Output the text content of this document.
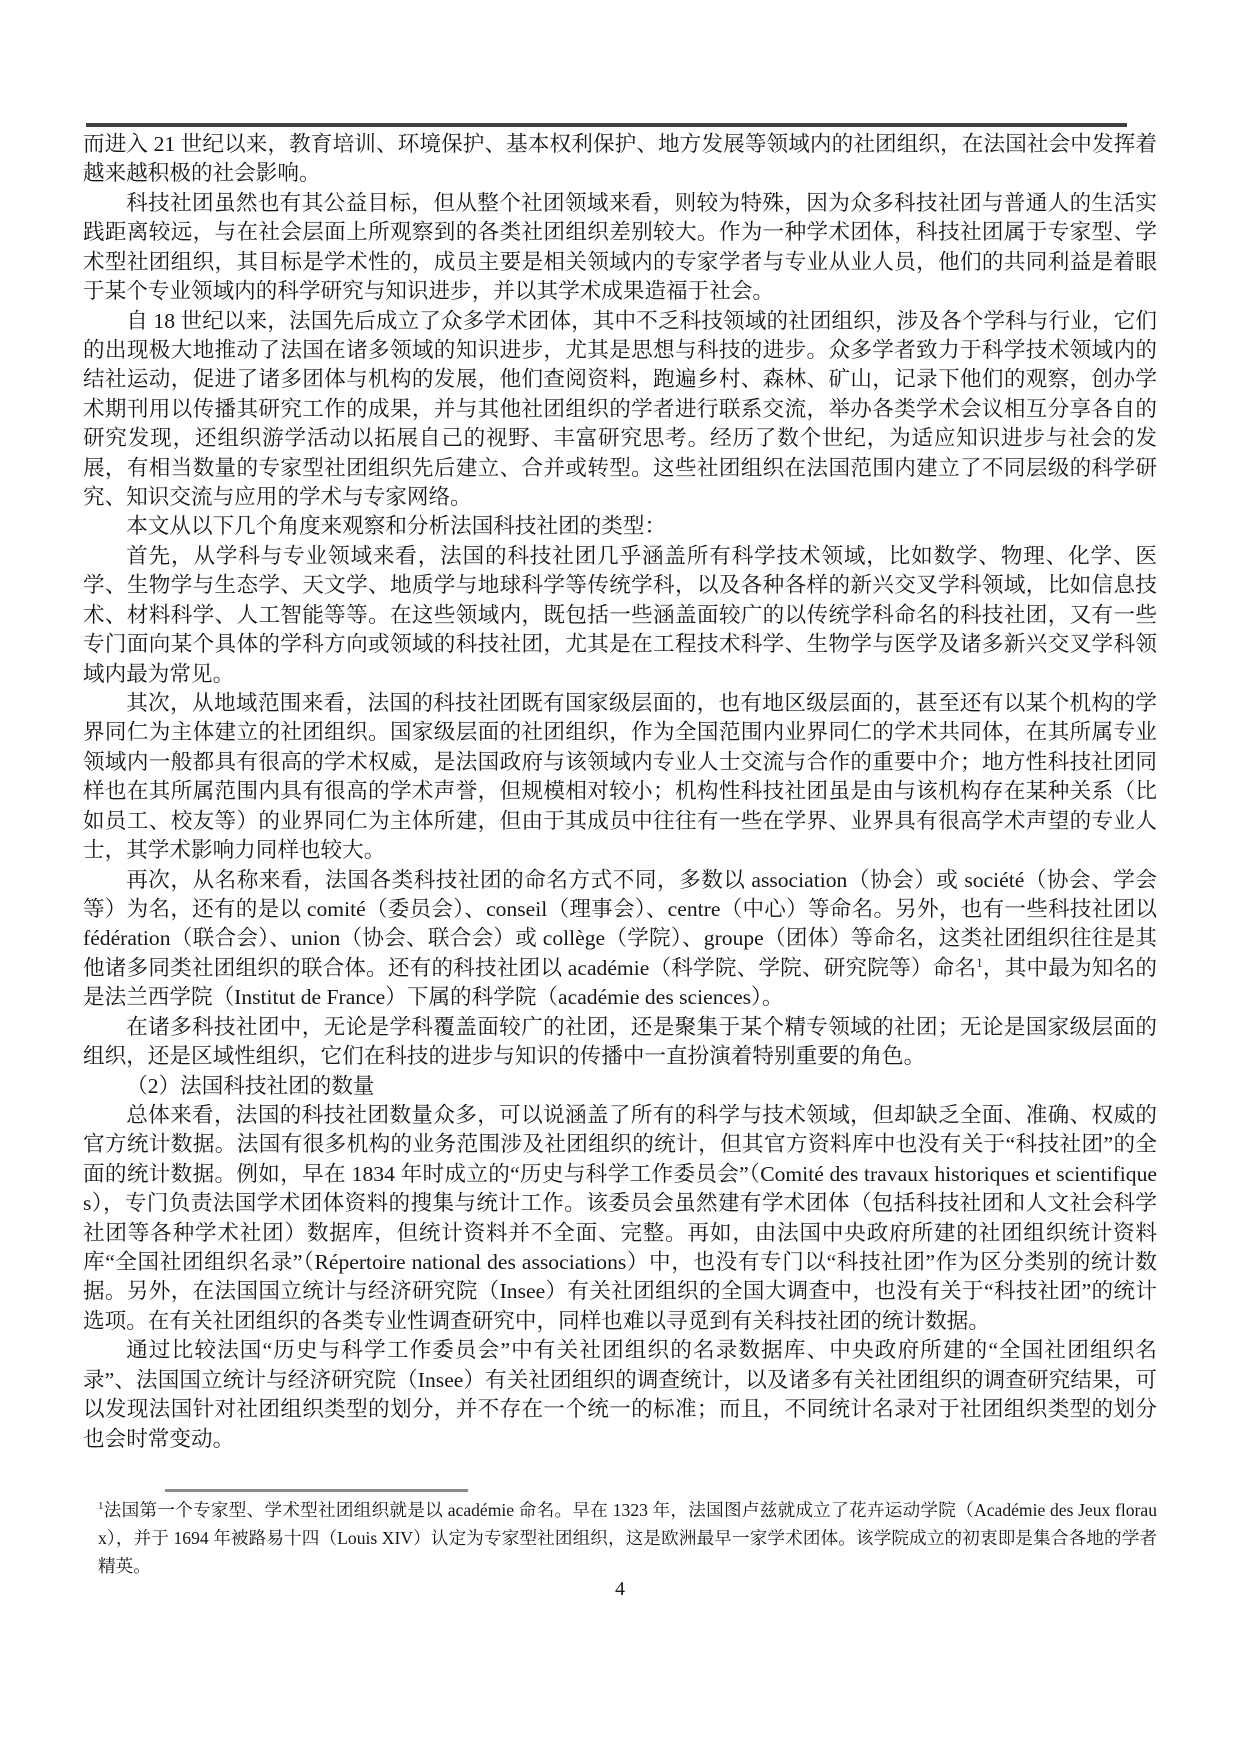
而进入 21 世纪以来，教育培训、环境保护、基本权利保护、地方发展等领域内的社团组织，在法国社会中发挥着越来越积极的社会影响。

科技社团虽然也有其公益目标，但从整个社团领域来看，则较为特殊，因为众多科技社团与普通人的生活实践距离较远，与在社会层面上所观察到的各类社团组织差别较大。作为一种学术团体，科技社团属于专家型、学术型社团组织，其目标是学术性的，成员主要是相关领域内的专家学者与专业从业人员，他们的共同利益是着眼于某个专业领域内的科学研究与知识进步，并以其学术成果造福于社会。

自 18 世纪以来，法国先后成立了众多学术团体，其中不乏科技领域的社团组织，涉及各个学科与行业，它们的出现极大地推动了法国在诸多领域的知识进步，尤其是思想与科技的进步。众多学者致力于科学技术领域内的结社运动，促进了诸多团体与机构的发展，他们查阅资料，跑遍乡村、森林、矿山，记录下他们的观察，创办学术期刊用以传播其研究工作的成果，并与其他社团组织的学者进行联系交流，举办各类学术会议相互分享各自的研究发现，还组织游学活动以拓展自己的视野、丰富研究思考。经历了数个世纪，为适应知识进步与社会的发展，有相当数量的专家型社团组织先后建立、合并或转型。这些社团组织在法国范围内建立了不同层级的科学研究、知识交流与应用的学术与专家网络。

本文从以下几个角度来观察和分析法国科技社团的类型：

首先，从学科与专业领域来看，法国的科技社团几乎涵盖所有科学技术领域，比如数学、物理、化学、医学、生物学与生态学、天文学、地质学与地球科学等传统学科，以及各种各样的新兴交叉学科领域，比如信息技术、材料科学、人工智能等等。在这些领域内，既包括一些涵盖面较广的以传统学科命名的科技社团，又有一些专门面向某个具体的学科方向或领域的科技社团，尤其是在工程技术科学、生物学与医学及诸多新兴交叉学科领域内最为常见。

其次，从地域范围来看，法国的科技社团既有国家级层面的，也有地区级层面的，甚至还有以某个机构的学界同仁为主体建立的社团组织。国家级层面的社团组织，作为全国范围内业界同仁的学术共同体，在其所属专业领域内一般都具有很高的学术权威，是法国政府与该领域内专业人士交流与合作的重要中介；地方性科技社团同样也在其所属范围内具有很高的学术声誉，但规模相对较小；机构性科技社团虽是由与该机构存在某种关系（比如员工、校友等）的业界同仁为主体所建，但由于其成员中往往有一些在学界、业界具有很高学术声望的专业人士，其学术影响力同样也较大。

再次，从名称来看，法国各类科技社团的命名方式不同，多数以 association（协会）或 société（协会、学会等）为名，还有的是以 comité（委员会）、conseil（理事会）、centre（中心）等命名。另外，也有一些科技社团以 fédération（联合会）、union（协会、联合会）或 collège（学院）、groupe（团体）等命名，这类社团组织往往是其他诸多同类社团组织的联合体。还有的科技社团以 académie（科学院、学院、研究院等）命名$^1$，其中最为知名的是法兰西学院（Institut de France）下属的科学院（académie des sciences）。

在诸多科技社团中，无论是学科覆盖面较广的社团，还是聚集于某个精专领域的社团；无论是国家级层面的组织，还是区域性组织，它们在科技的进步与知识的传播中一直扮演着特别重要的角色。

（2）法国科技社团的数量

总体来看，法国的科技社团数量众多，可以说涵盖了所有的科学与技术领域，但却缺乏全面、准确、权威的官方统计数据。法国有很多机构的业务范围涉及社团组织的统计，但其官方资料库中也没有关于“科技社团”的全面的统计数据。例如，早在 1834 年时成立的“历史与科学工作委员会”（Comité des travaux historiques et scientifiques），专门负责法国学术团体资料的搜集与统计工作。该委员会虽然建有学术团体（包括科技社团和人文社会科学社团等各种学术社团）数据库，但统计资料并不全面、完整。再如，由法国中央政府所建的社团组织统计资料库“全国社团组织名录”（Répertoire national des associations）中，也没有专门以“科技社团”作为区分类别的统计数据。另外，在法国国立统计与经济研究院（Insee）有关社团组织的全国大调查中，也没有关于“科技社团”的统计选项。在有关社团组织的各类专业性调查研究中，同样也难以寻觅到有关科技社团的统计数据。

通过比较法国“历史与科学工作委员会”中有关社团组织的名录数据库、中央政府所建的“全国社团组织名录”、法国国立统计与经济研究院（Insee）有关社团组织的调查统计，以及诸多有关社团组织的调查研究结果，可以发现法国针对社团组织类型的划分，并不存在一个统一的标准；而且，不同统计名录对于社团组织类型的划分也会时常变动。

$^1$法国第一个专家型、学术型社团组织就是以 académie 命名。早在 1323 年，法国图卢兹就成立了花卉运动学院（Académie des Jeux floraux），并于 1694 年被路易十四（Louis XIV）认定为专家型社团组织，这是欧洲最早一家学术团体。该学院成立的初衷即是集合各地的学者精英。
4
